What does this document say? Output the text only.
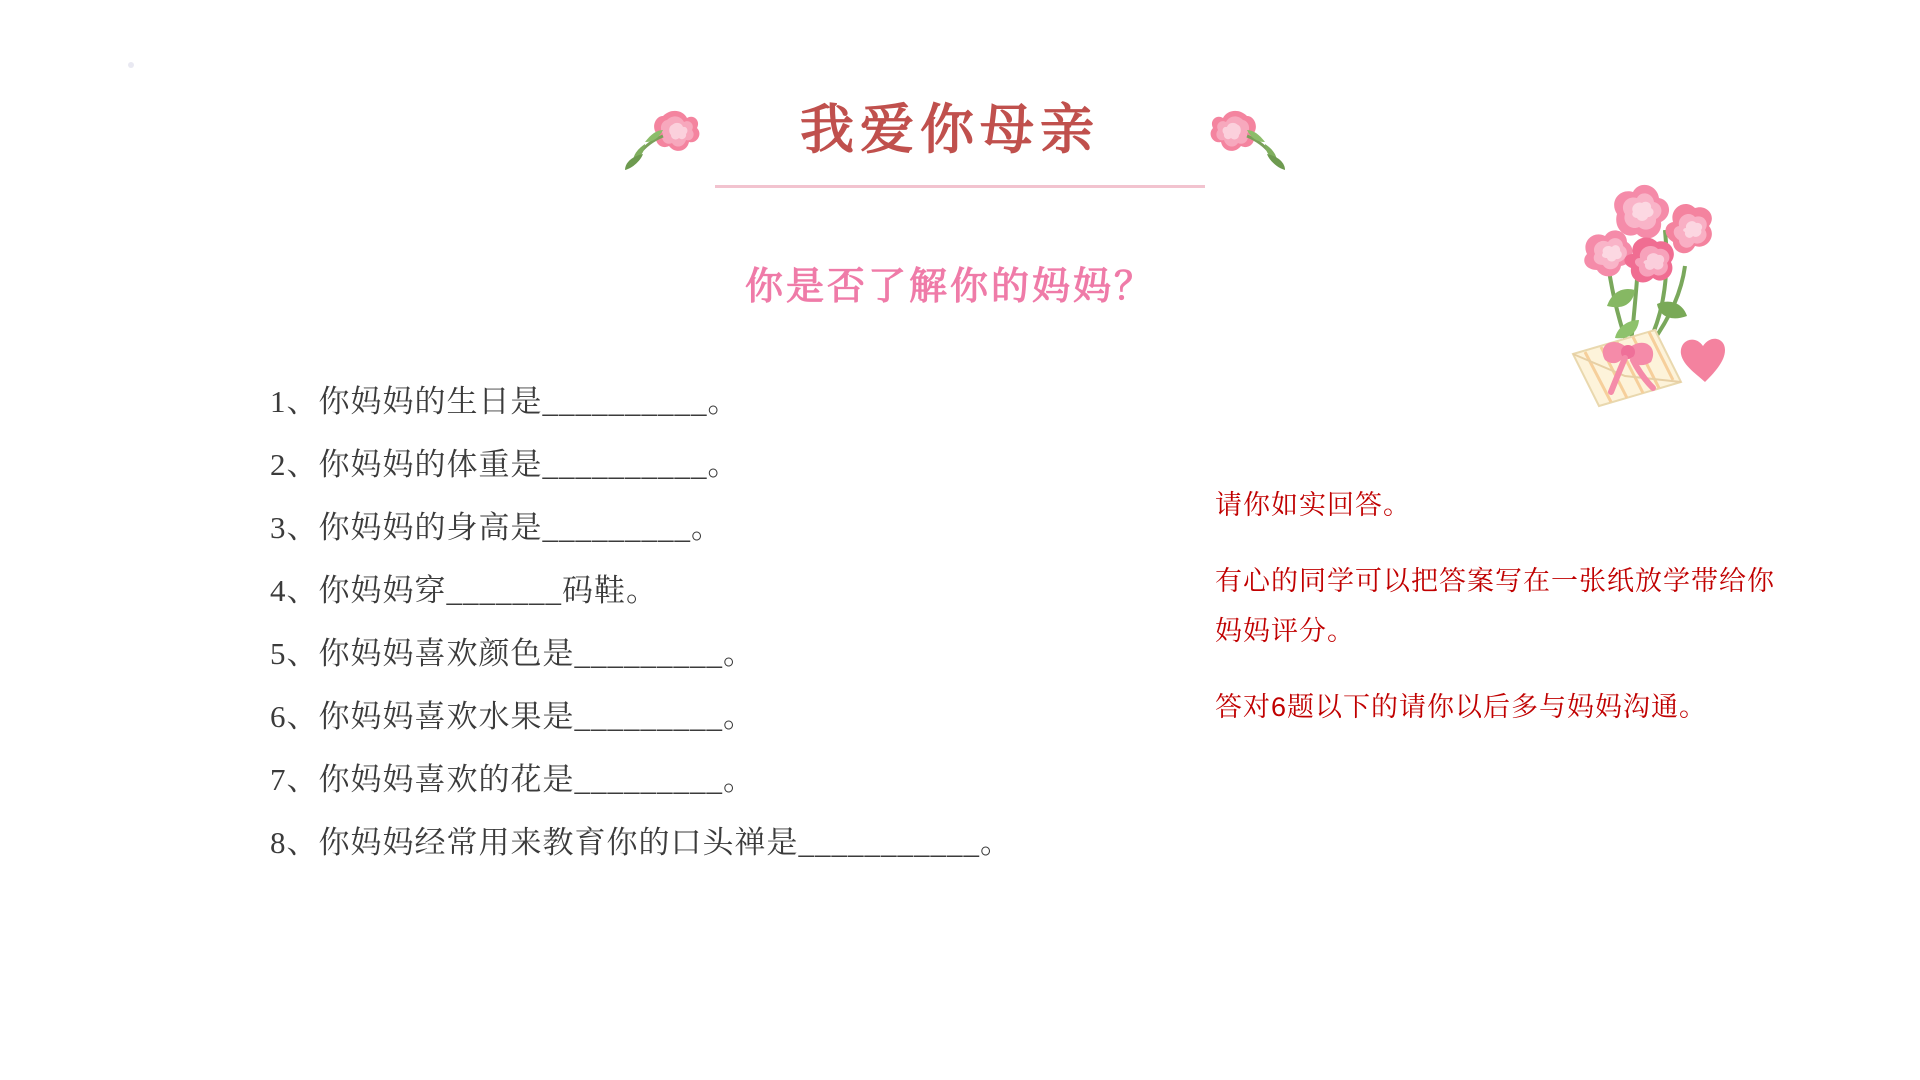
我爱你母亲
你是否了解你的妈妈？
1、你妈妈的生日是__________。
2、你妈妈的体重是__________。
3、你妈妈的身高是_________。
4、你妈妈穿_______码鞋。
5、你妈妈喜欢颜色是_________。
6、你妈妈喜欢水果是_________。
7、你妈妈喜欢的花是_________。
8、你妈妈经常用来教育你的口头禅是___________。
请你如实回答。
有心的同学可以把答案写在一张纸放学带给你妈妈评分。
答对6题以下的请你以后多与妈妈沟通。
